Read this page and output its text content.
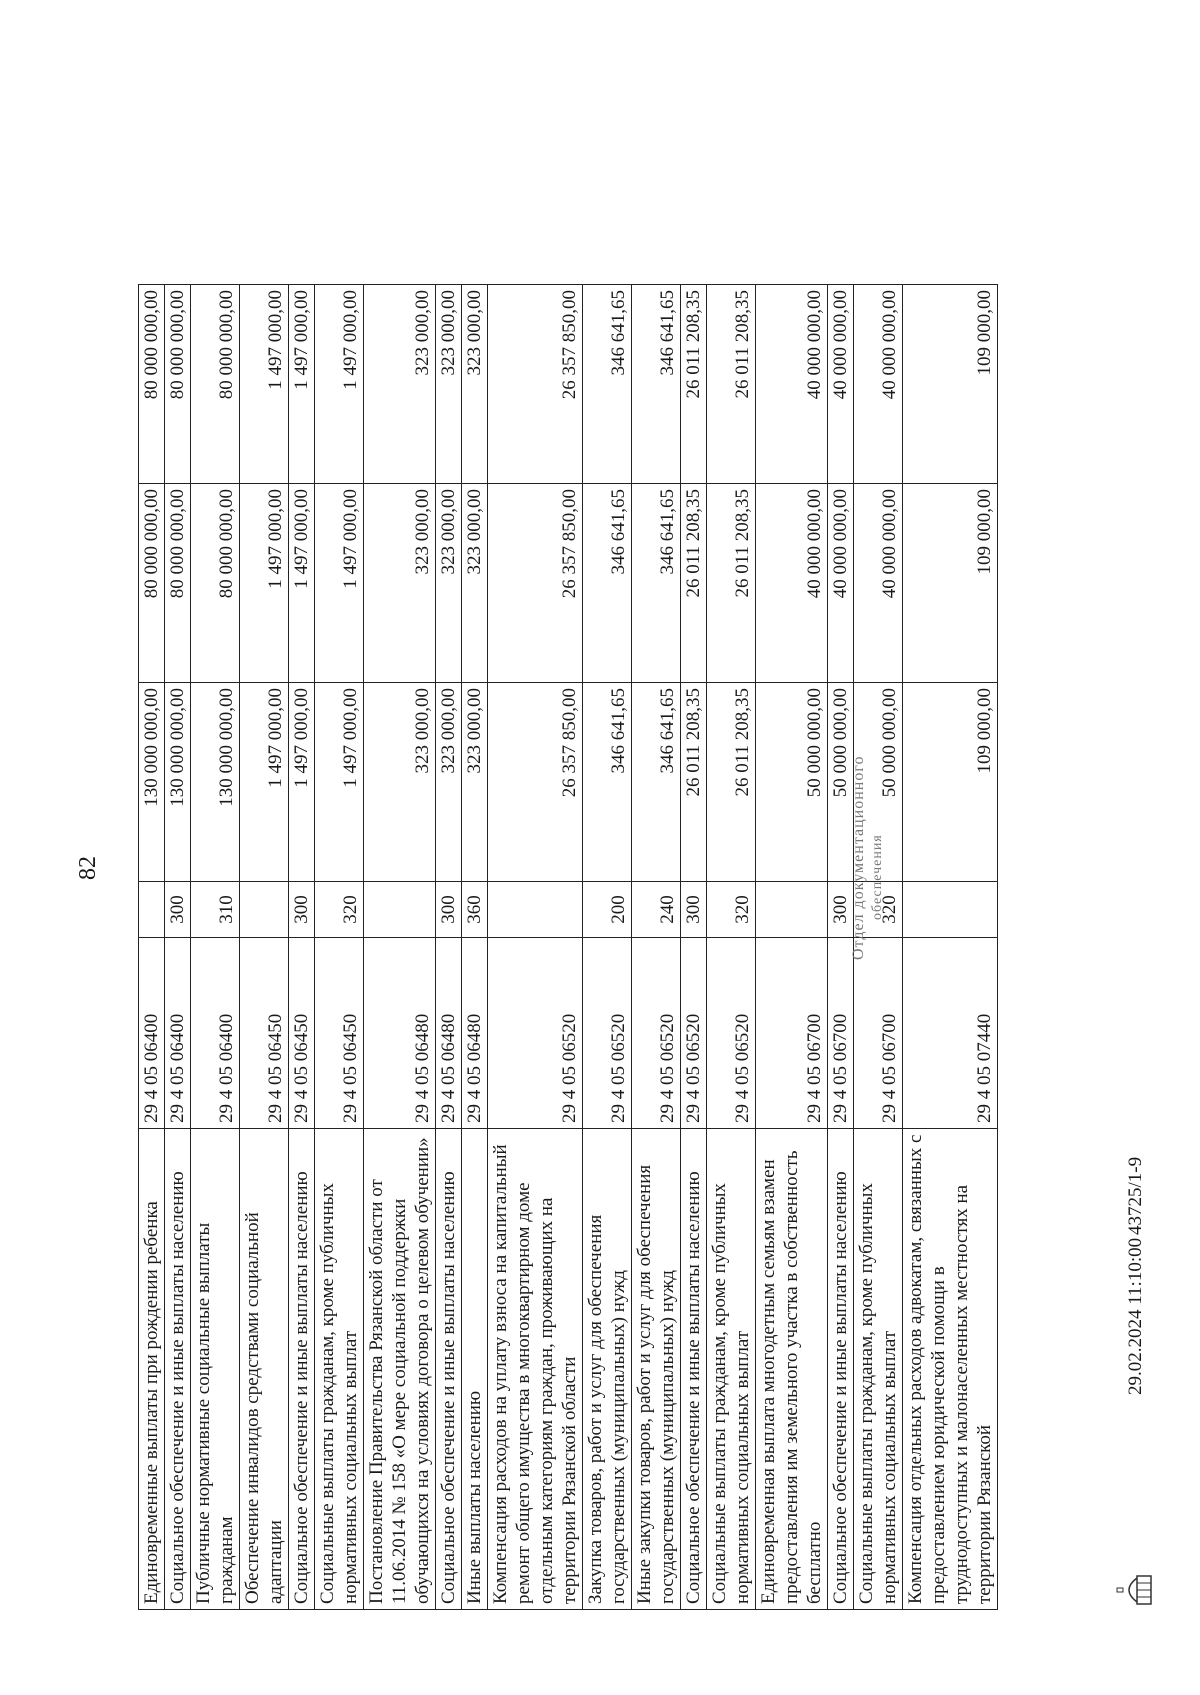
82
Единовременные выплаты при рождении ребенка	29 4 05 06400		130 000 000,00	80 000 000,00	80 000 000,00
Социальное обеспечение и иные выплаты населению	29 4 05 06400	300	130 000 000,00	80 000 000,00	80 000 000,00
Публичные нормативные социальные выплаты гражданам	29 4 05 06400	310	130 000 000,00	80 000 000,00	80 000 000,00
Обеспечение инвалидов средствами социальной адаптации	29 4 05 06450		1 497 000,00	1 497 000,00	1 497 000,00
Социальное обеспечение и иные выплаты населению	29 4 05 06450	300	1 497 000,00	1 497 000,00	1 497 000,00
Социальные выплаты гражданам, кроме публичных нормативных социальных выплат	29 4 05 06450	320	1 497 000,00	1 497 000,00	1 497 000,00
Постановление Правительства Рязанской области от 11.06.2014 № 158 «О мере социальной поддержки обучающихся на условиях договора о целевом обучении»	29 4 05 06480		323 000,00	323 000,00	323 000,00
Социальное обеспечение и иные выплаты населению	29 4 05 06480	300	323 000,00	323 000,00	323 000,00
Иные выплаты населению	29 4 05 06480	360	323 000,00	323 000,00	323 000,00
Компенсация расходов на уплату взноса на капитальный ремонт общего имущества в многоквартирном доме отдельным категориям граждан, проживающих на территории Рязанской области	29 4 05 06520		26 357 850,00	26 357 850,00	26 357 850,00
Закупка товаров, работ и услуг для обеспечения государственных (муниципальных) нужд	29 4 05 06520	200	346 641,65	346 641,65	346 641,65
Иные закупки товаров, работ и услуг для обеспечения государственных (муниципальных) нужд	29 4 05 06520	240	346 641,65	346 641,65	346 641,65
Социальное обеспечение и иные выплаты населению	29 4 05 06520	300	26 011 208,35	26 011 208,35	26 011 208,35
Социальные выплаты гражданам, кроме публичных нормативных социальных выплат	29 4 05 06520	320	26 011 208,35	26 011 208,35	26 011 208,35
Единовременная выплата многодетным семьям взамен предоставления им земельного участка в собственность бесплатно	29 4 05 06700		50 000 000,00	40 000 000,00	40 000 000,00
Социальное обеспечение и иные выплаты населению	29 4 05 06700	300	50 000 000,00	40 000 000,00	40 000 000,00
Социальные выплаты гражданам, кроме публичных нормативных социальных выплат	29 4 05 06700	320	50 000 000,00	40 000 000,00	40 000 000,00
Компенсация отдельных расходов адвокатам, связанных с предоставлением юридической помощи в труднодоступных и малонаселенных местностях на территории Рязанской	29 4 05 07440		109 000,00	109 000,00	109 000,00
29.02.2024 11:10:00
43725/1-9
Отдел документационного обеспечения
